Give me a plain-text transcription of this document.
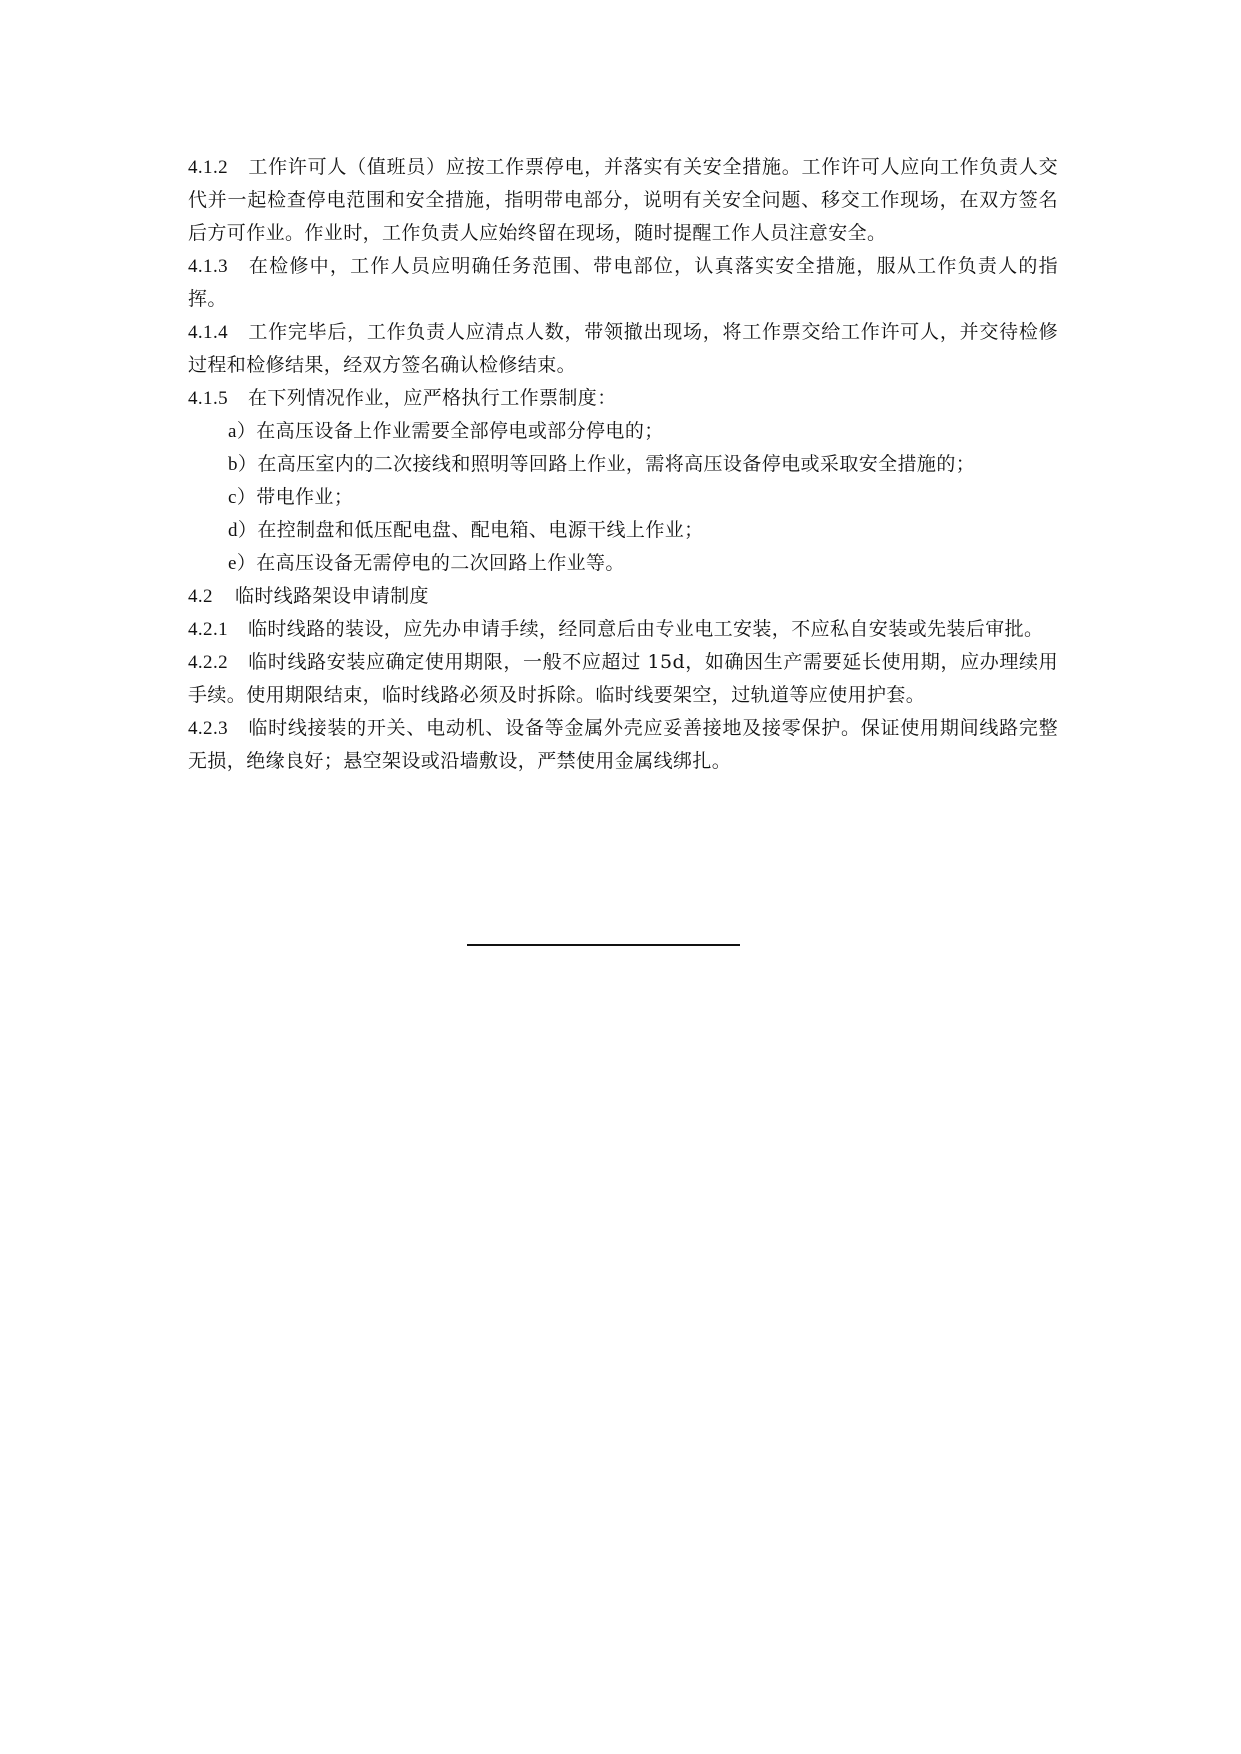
4.1.2 工作许可人（值班员）应按工作票停电，并落实有关安全措施。工作许可人应向工作负责人交代并一起检查停电范围和安全措施，指明带电部分，说明有关安全问题、移交工作现场，在双方签名后方可作业。作业时，工作负责人应始终留在现场，随时提醒工作人员注意安全。

4.1.3 在检修中，工作人员应明确任务范围、带电部位，认真落实安全措施，服从工作负责人的指挥。

4.1.4 工作完毕后，工作负责人应清点人数，带领撤出现场，将工作票交给工作许可人，并交待检修过程和检修结果，经双方签名确认检修结束。

4.1.5 在下列情况作业，应严格执行工作票制度：

a）在高压设备上作业需要全部停电或部分停电的；

b）在高压室内的二次接线和照明等回路上作业，需将高压设备停电或采取安全措施的；

c）带电作业；

d）在控制盘和低压配电盘、配电箱、电源干线上作业；

e）在高压设备无需停电的二次回路上作业等。

4.2 临时线路架设申请制度

4.2.1 临时线路的装设，应先办申请手续，经同意后由专业电工安装，不应私自安装或先装后审批。

4.2.2 临时线路安装应确定使用期限，一般不应超过 15d，如确因生产需要延长使用期，应办理续用手续。使用期限结束，临时线路必须及时拆除。临时线要架空，过轨道等应使用护套。

4.2.3 临时线接装的开关、电动机、设备等金属外壳应妥善接地及接零保护。保证使用期间线路完整无损，绝缘良好；悬空架设或沿墙敷设，严禁使用金属线绑扎。
